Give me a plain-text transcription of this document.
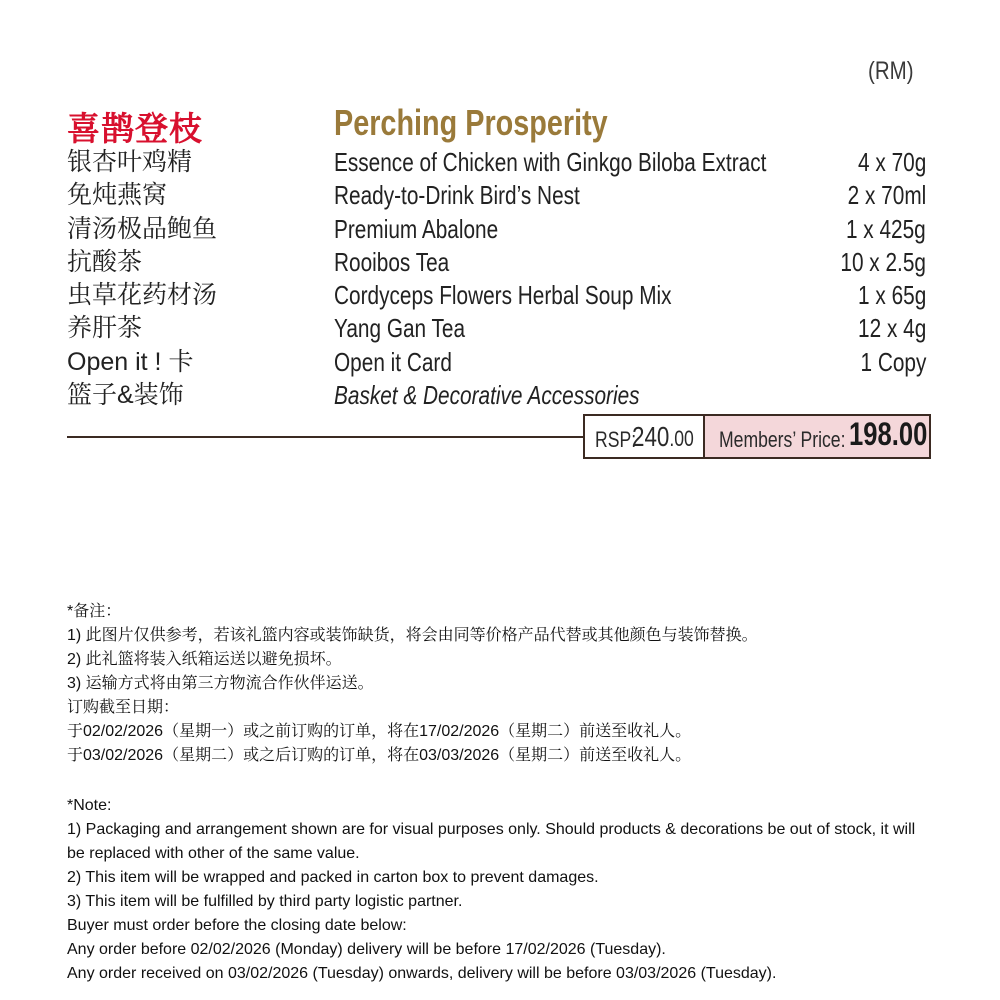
(RM)
喜鹊登枝	Perching Prosperity
银杏叶鸡精	Essence of Chicken with Ginkgo Biloba Extract	4 x 70g
免炖燕窝	Ready-to-Drink Bird’s Nest	2 x 70ml
清汤极品鲍鱼	Premium Abalone	1 x 425g
抗酸茶	Rooibos Tea	10 x 2.5g
虫草花药材汤	Cordyceps Flowers Herbal Soup Mix	1 x 65g
养肝茶	Yang Gan Tea	12 x 4g
Open it ! 卡	Open it Card	1 Copy
篮子&装饰	Basket & Decorative Accessories
RSP:
240.00 Members’ Price: 198.00
*备注：
1) 此图片仅供参考，若该礼篮内容或装饰缺货，将会由同等价格产品代替或其他颜色与装饰替换。
2) 此礼篮将装入纸箱运送以避免损坏。
3) 运输方式将由第三方物流合作伙伴运送。
订购截至日期：
于02/02/2026（星期一）或之前订购的订单，将在17/02/2026（星期二）前送至收礼人。
于03/02/2026（星期二）或之后订购的订单，将在03/03/2026（星期二）前送至收礼人。
*Note:
1) Packaging and arrangement shown are for visual purposes only. Should products & decorations be out of stock, it will be replaced with other of the same value.
2) This item will be wrapped and packed in carton box to prevent damages.
3) This item will be fulfilled by third party logistic partner.
Buyer must order before the closing date below:
Any order before 02/02/2026 (Monday) delivery will be before 17/02/2026 (Tuesday).
Any order received on 03/02/2026 (Tuesday) onwards, delivery will be before 03/03/2026 (Tuesday).
